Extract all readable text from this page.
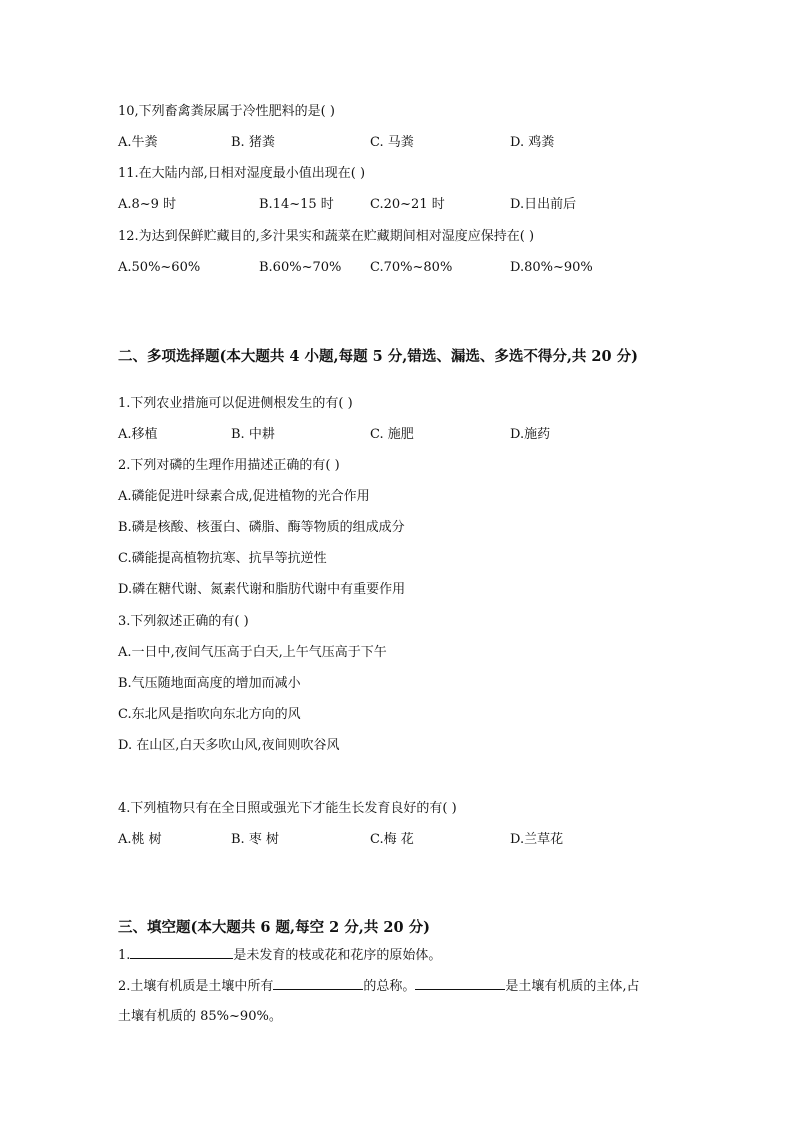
10,下列畜禽粪尿属于冷性肥料的是( )
A.牛粪	B. 猪粪	C. 马粪	D. 鸡粪
11.在大陆内部,日相对湿度最小值出现在( )
A.8~9 时	B.14~15 时	C.20~21 时	D.日出前后
12.为达到保鲜贮藏目的,多汁果实和蔬菜在贮藏期间相对湿度应保持在( )
A.50%~60%	B.60%~70% C.70%~80%	D.80%~90%
二、多项选择题(本大题共 4 小题,每题 5 分,错选、漏选、多选不得分,共 20 分)
1.下列农业措施可以促进侧根发生的有( )
A.移植	B. 中耕	C. 施肥	D.施药
2.下列对磷的生理作用描述正确的有( )
A.磷能促进叶绿素合成,促进植物的光合作用
B.磷是核酸、核蛋白、磷脂、酶等物质的组成成分
C.磷能提高植物抗寒、抗旱等抗逆性
D.磷在糖代谢、氮素代谢和脂肪代谢中有重要作用
3.下列叙述正确的有( )
A.一日中,夜间气压高于白天,上午气压高于下午
B.气压随地面高度的增加而减小
C.东北风是指吹向东北方向的风
D. 在山区,白天多吹山风,夜间则吹谷风
4.下列植物只有在全日照或强光下才能生长发育良好的有( )
A.桃 树	B. 枣 树	C.梅 花	D.兰草花
三、填空题(本大题共 6 题,每空 2 分,共 20 分)
1.	是未发育的枝或花和花序的原始体。
2.土壤有机质是土壤中所有	的总称。	是土壤有机质的主体,占
土壤有机质的 85%~90%。
